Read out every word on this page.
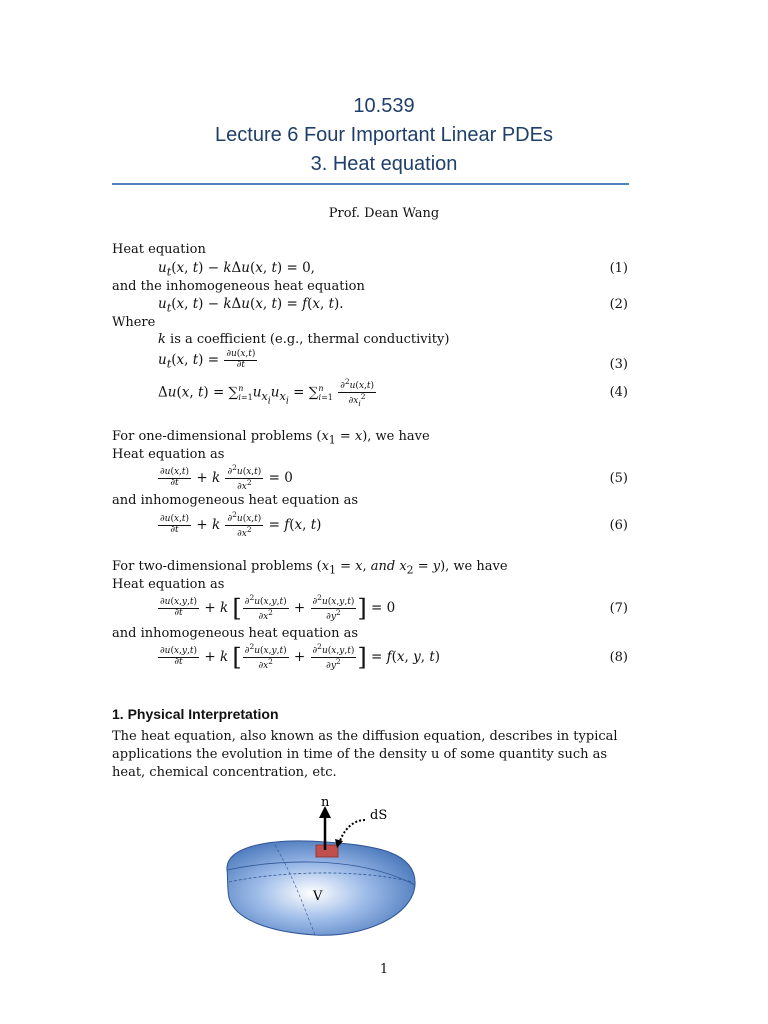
10.539
Lecture 6 Four Important Linear PDEs
3. Heat equation
Prof. Dean Wang
Heat equation
$u_t(x$, t) − kΔu(x, t) = 0,	(1)
and the inhomogeneous heat equation
$u_t(x$, t) − kΔu(x, t) = f(x, t).	(2)
Where
k is a coefficient (e.g., thermal conductivity)
$u_t(x$, $t) = \frac{\partial u(x,t)}{\partial t}$	(3)
Δu(x, $t) = \sum^n_{i=1}u_{x_i}u_{x_i} = \sum^n_{i=1} \frac{\partial^2u(x,t)}{\partial x_i^2}$	(4)
For one-dimensional problems $(x_1 = x)$, we have
Heat equation as
$\frac{\partial u(x,t)}{\partial t} + k \frac{\partial^2u(x,t)}{\partial x^2} = 0$	(5)
and inhomogeneous heat equation as
$\frac{\partial u(x,t)}{\partial t} + k \frac{\partial^2u(x,t)}{\partial x^2} = f(x$, t)	(6)
For two-dimensional problems ($x_1 = x$, and $x_2 = y$), we have
Heat equation as
$\frac{\partial u(x,y,t)}{\partial t} + k$ [ $\frac{\partial^2u(x,y,t)}{\partial x^2} + \frac{\partial^2u(x,y,t)}{\partial y^2}$ ] = 0	(7)
and inhomogeneous heat equation as
$\frac{\partial u(x,y,t)}{\partial t} + k$ [ $\frac{\partial^2u(x,y,t)}{\partial x^2} + \frac{\partial^2u(x,y,t)}{\partial y^2}$ ] = f(x, y, t)	(8)
1. Physical Interpretation
The heat equation, also known as the diffusion equation, describes in typical applications the evolution in time of the density u of some quantity such as heat, chemical concentration, etc.
n
dS
V
1
